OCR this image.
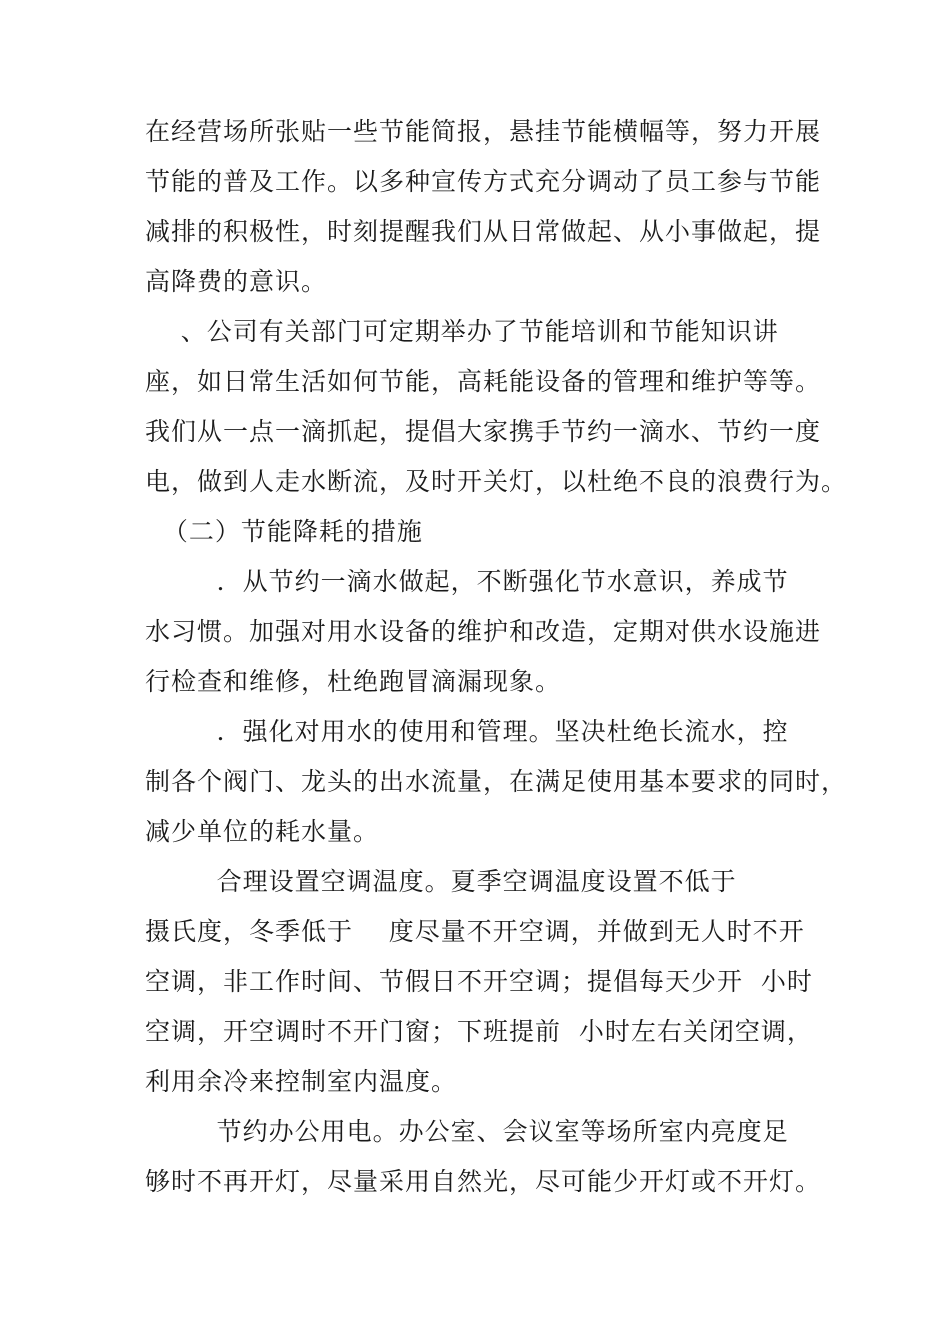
在经营场所张贴一些节能简报，悬挂节能横幅等，努力开展
节能的普及工作。以多种宣传方式充分调动了员工参与节能
减排的积极性，时刻提醒我们从日常做起、从小事做起，提
高降费的意识。
、公司有关部门可定期举办了节能培训和节能知识讲
座，如日常生活如何节能，高耗能设备的管理和维护等等。
我们从一点一滴抓起，提倡大家携手节约一滴水、节约一度
电，做到人走水断流，及时开关灯，以杜绝不良的浪费行为。
（二）节能降耗的措施
．从节约一滴水做起，不断强化节水意识，养成节
水习惯。加强对用水设备的维护和改造，定期对供水设施进
行检查和维修，杜绝跑冒滴漏现象。
．强化对用水的使用和管理。坚决杜绝长流水，控
制各个阀门、龙头的出水流量，在满足使用基本要求的同时，
减少单位的耗水量。
合理设置空调温度。夏季空调温度设置不低于
摄氏度，冬季低于    度尽量不开空调，并做到无人时不开
空调，非工作时间、节假日不开空调；提倡每天少开  小时
空调，开空调时不开门窗；下班提前  小时左右关闭空调，
利用余冷来控制室内温度。
节约办公用电。办公室、会议室等场所室内亮度足
够时不再开灯，尽量采用自然光，尽可能少开灯或不开灯。
